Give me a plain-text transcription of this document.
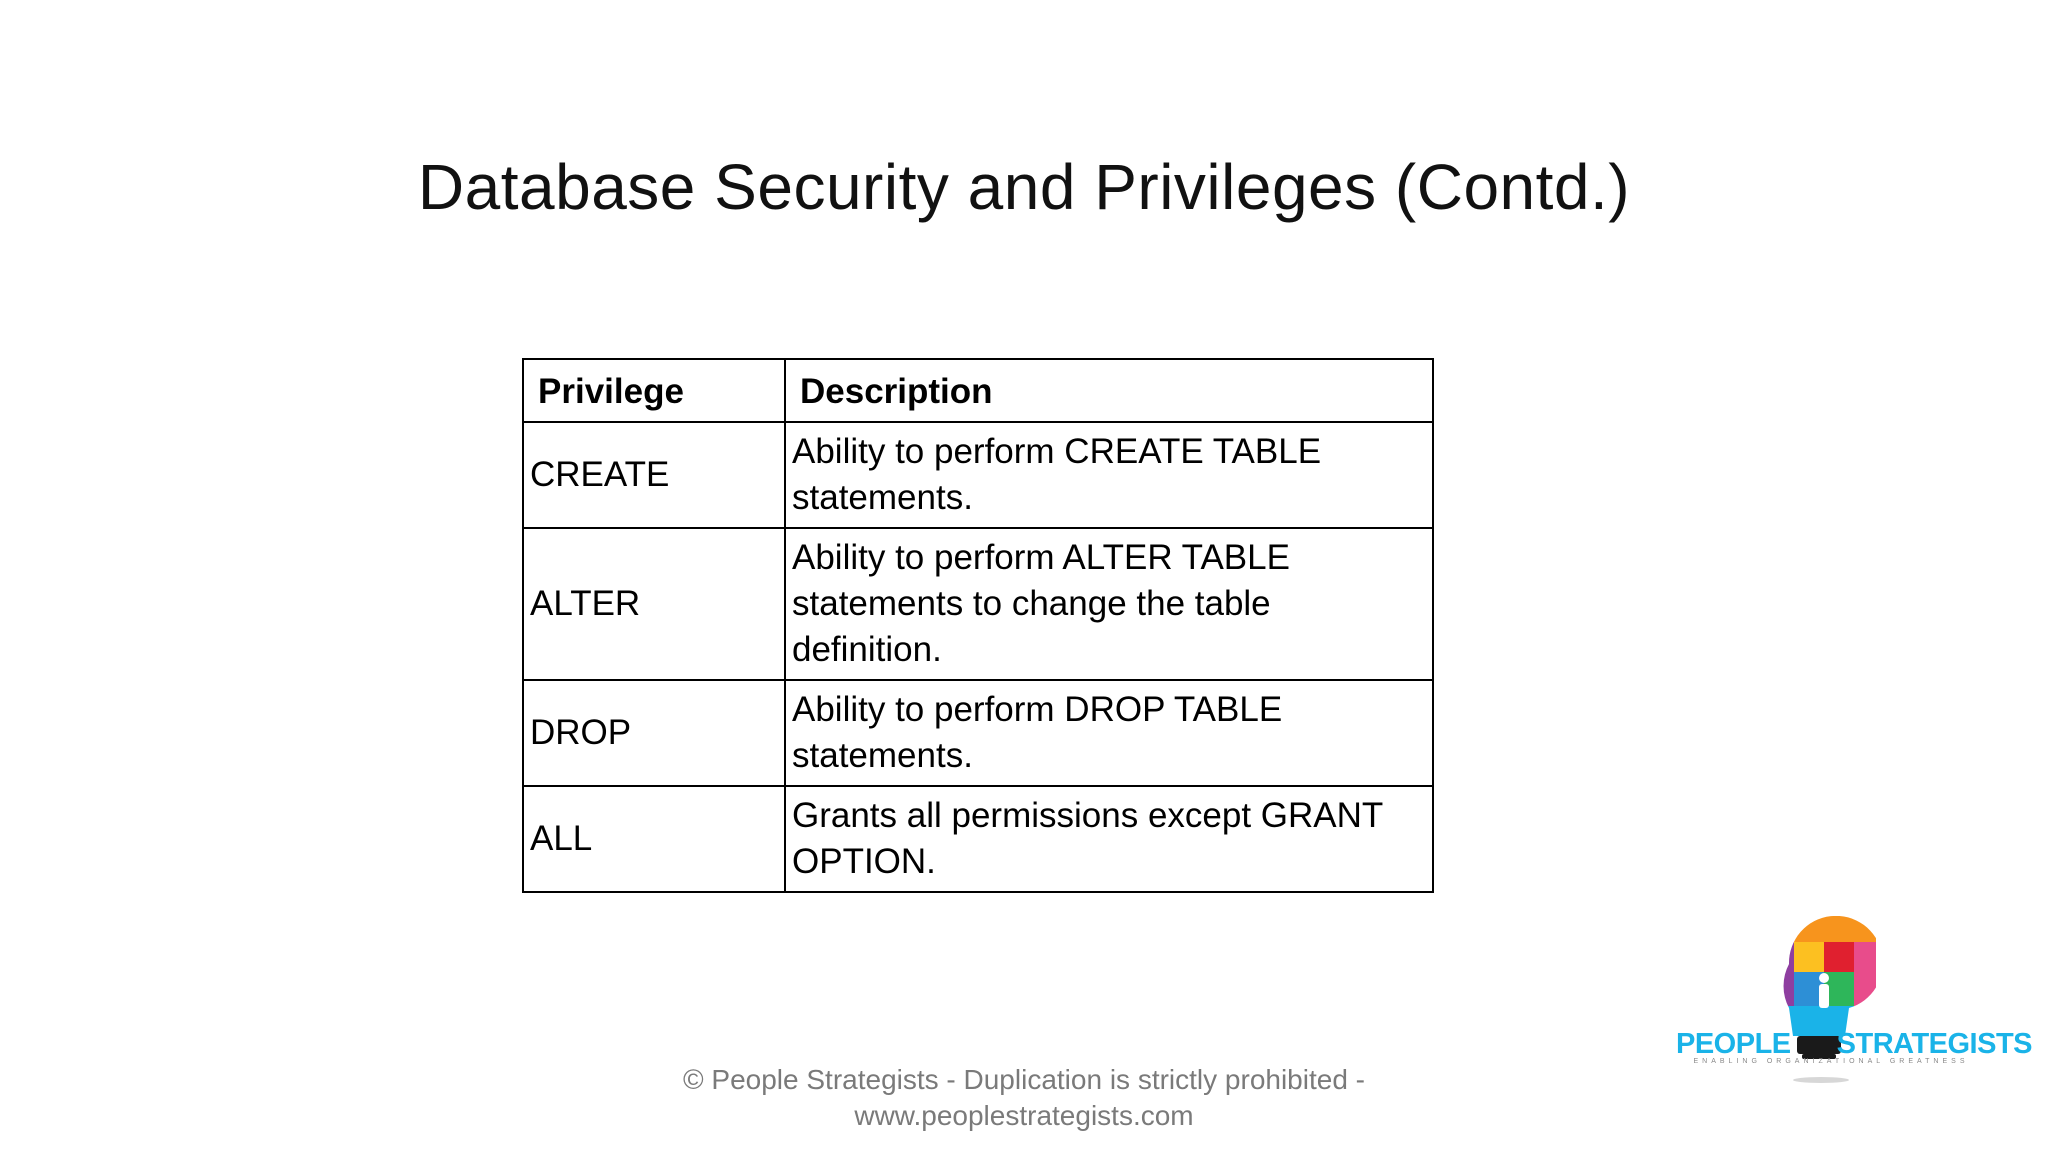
Database Security and Privileges (Contd.)
Privilege	Description
CREATE	Ability to perform CREATE TABLE
statements.

ALTER	Ability to perform ALTER TABLE
statements to change the table
definition.

DROP	Ability to perform DROP TABLE
statements.

ALL	Grants all permissions except GRANT
OPTION.
© People Strategists - Duplication is strictly prohibited -
www.peoplestrategists.com
PEOPLE STRATEGISTS
ENABLING ORGANIZATIONAL GREATNESS
